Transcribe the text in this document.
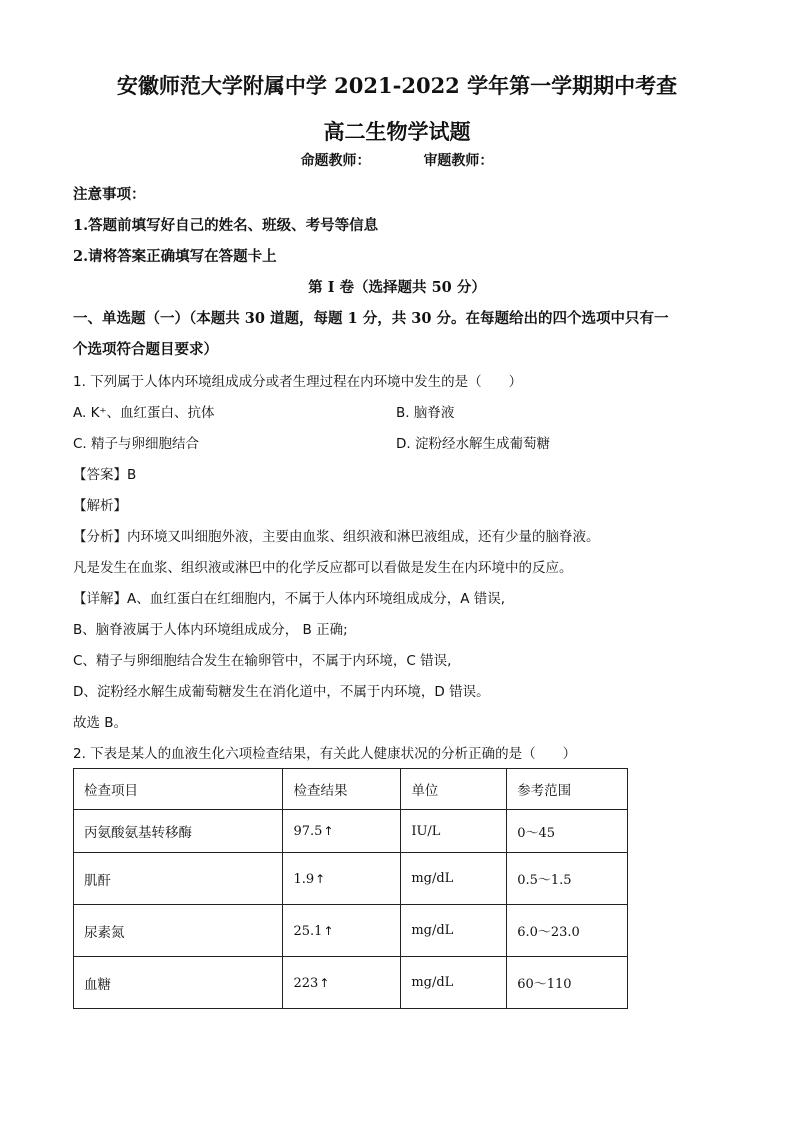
安徽师范大学附属中学 2021-2022 学年第一学期期中考查
高二生物学试题
命题教师：	审题教师：
注意事项：
1.答题前填写好自己的姓名、班级、考号等信息
2.请将答案正确填写在答题卡上
第 I 卷（选择题共 50 分）
一、单选题（一）（本题共 30 道题，每题 1 分，共 30 分。在每题给出的四个选项中只有一
个选项符合题目要求）
1. 下列属于人体内环境组成成分或者生理过程在内环境中发生的是（　　）
A. K⁺、血红蛋白、抗体	B. 脑脊液
C. 精子与卵细胞结合	D. 淀粉经水解生成葡萄糖
【答案】B
【解析】
【分析】内环境又叫细胞外液，主要由血浆、组织液和淋巴液组成，还有少量的脑脊液。
凡是发生在血浆、组织液或淋巴中的化学反应都可以看做是发生在内环境中的反应。
【详解】A、血红蛋白在红细胞内，不属于人体内环境组成成分，A 错误,
B、脑脊液属于人体内环境组成成分， B 正确;
C、精子与卵细胞结合发生在输卵管中，不属于内环境，C 错误,
D、淀粉经水解生成葡萄糖发生在消化道中，不属于内环境，D 错误。
故选 B。
2. 下表是某人的血液生化六项检查结果，有关此人健康状况的分析正确的是（　　）
检查项目	检查结果	单位	参考范围
丙氨酸氨基转移酶	97.5↑	IU/L	0～45
肌酐	1.9↑	mg/dL	0.5～1.5
尿素氮	25.1↑	mg/dL	6.0～23.0
血糖	223↑	mg/dL	60～110
